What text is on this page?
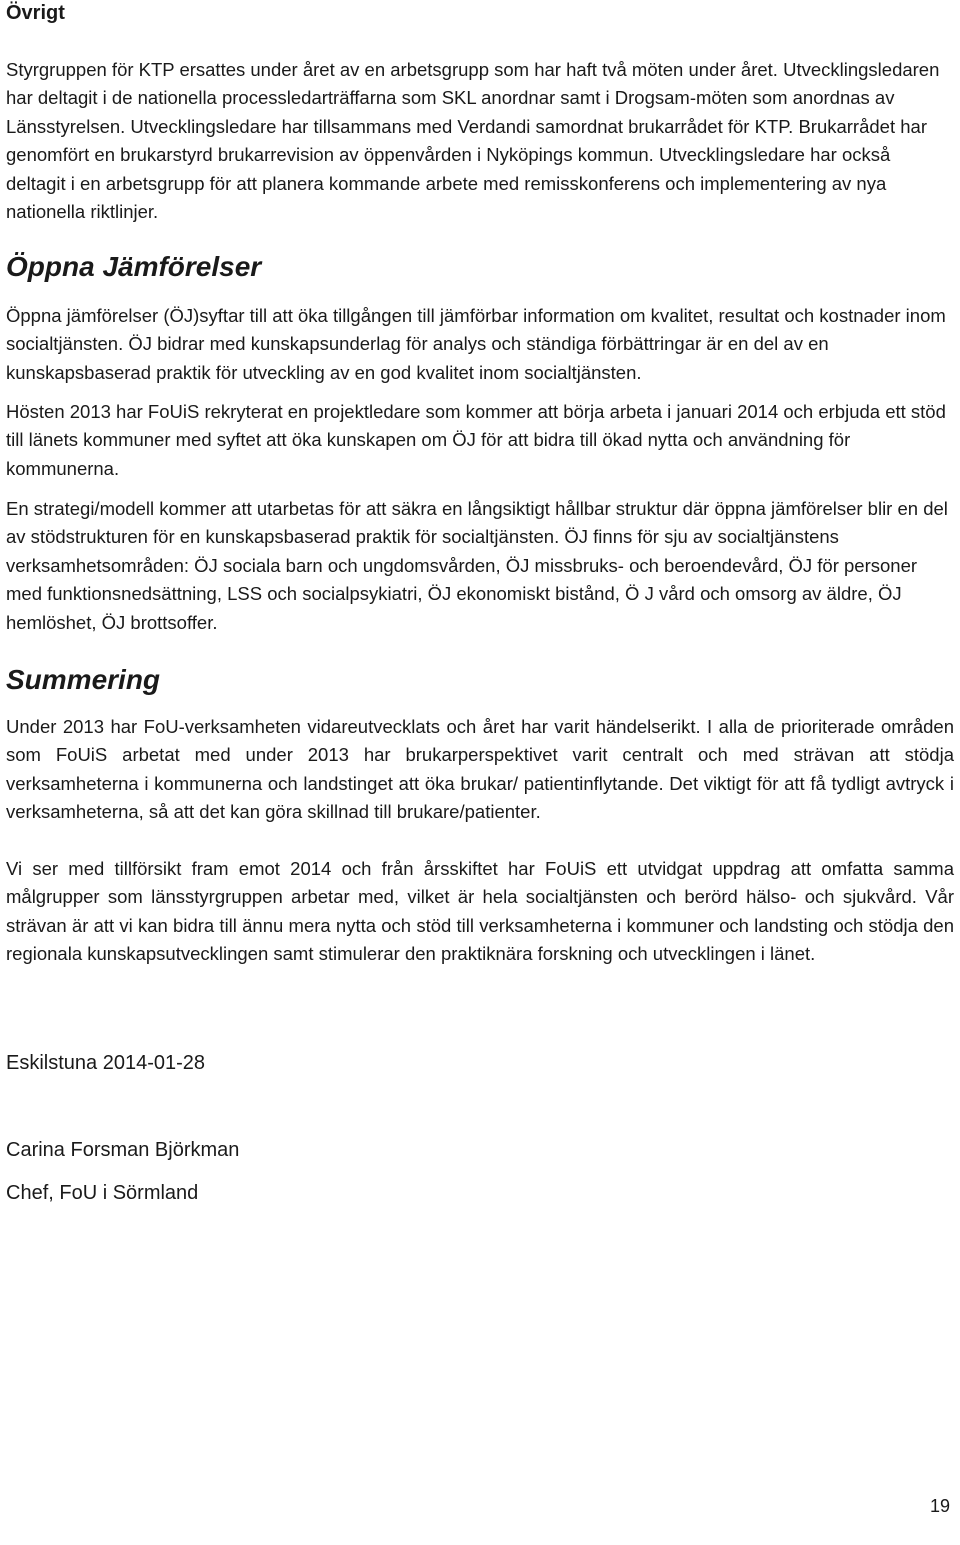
Övrigt

Styrgruppen för KTP ersattes under året av en arbetsgrupp som har haft två möten under året. Utvecklingsledaren har deltagit i de nationella processledarträffarna som SKL anordnar samt i Drogsam-möten som anordnas av Länsstyrelsen. Utvecklingsledare har tillsammans med Verdandi samordnat brukarrådet för KTP. Brukarrådet har genomfört en brukarstyrd brukarrevision av öppenvården i Nyköpings kommun. Utvecklingsledare har också deltagit i en arbetsgrupp för att planera kommande arbete med remisskonferens och implementering av nya nationella riktlinjer.

Öppna Jämförelser

Öppna jämförelser (ÖJ)syftar till att öka tillgången till jämförbar information om kvalitet, resultat och kostnader inom socialtjänsten. ÖJ bidrar med kunskapsunderlag för analys och ständiga förbättringar är en del av en kunskapsbaserad praktik för utveckling av en god kvalitet inom socialtjänsten.

Hösten 2013 har FoUiS rekryterat en projektledare som kommer att börja arbeta i januari 2014 och erbjuda ett stöd till länets kommuner med syftet att öka kunskapen om ÖJ för att bidra till ökad nytta och användning för kommunerna.

En strategi/modell kommer att utarbetas för att säkra en långsiktigt hållbar struktur där öppna jämförelser blir en del av stödstrukturen för en kunskapsbaserad praktik för socialtjänsten. ÖJ finns för sju av socialtjänstens verksamhetsområden: ÖJ sociala barn och ungdomsvården, ÖJ missbruks- och beroendevård, ÖJ för personer med funktionsnedsättning, LSS och socialpsykiatri, ÖJ ekonomiskt bistånd, Ö J vård och omsorg av äldre, ÖJ hemlöshet, ÖJ brottsoffer.

Summering

Under 2013 har FoU-verksamheten vidareutvecklats och året har varit händelserikt. I alla de prioriterade områden som FoUiS arbetat med under 2013 har brukarperspektivet varit centralt och med strävan att stödja verksamheterna i kommunerna och landstinget att öka brukar/ patientinflytande. Det viktigt för att få tydligt avtryck i verksamheterna, så att det kan göra skillnad till brukare/patienter.

Vi ser med tillförsikt fram emot 2014 och från årsskiftet har FoUiS ett utvidgat uppdrag att omfatta samma målgrupper som länsstyrgruppen arbetar med, vilket är hela socialtjänsten och berörd hälso- och sjukvård. Vår strävan är att vi kan bidra till ännu mera nytta och stöd till verksamheterna i kommuner och landsting och stödja den regionala kunskapsutvecklingen samt stimulerar den praktiknära forskning och utvecklingen i länet.

Eskilstuna 2014-01-28

Carina Forsman Björkman

Chef, FoU i Sörmland

19
